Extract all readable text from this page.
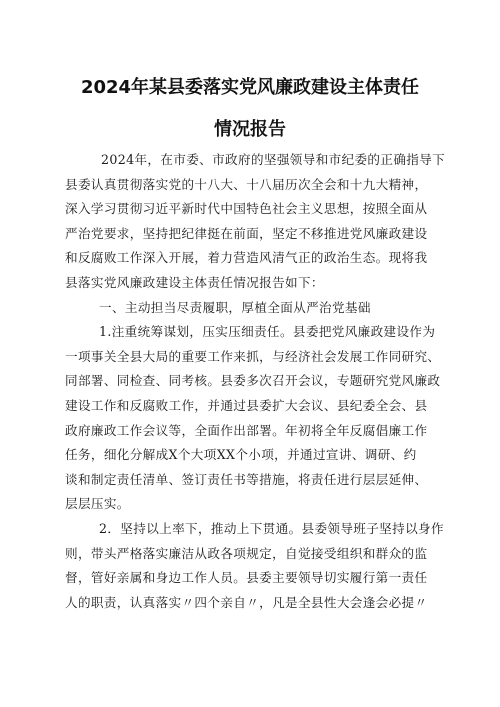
2024年某县委落实党风廉政建设主体责任
情况报告
2024年，在市委、市政府的坚强领导和市纪委的正确指导下
县委认真贯彻落实党的十八大、十八届历次全会和十九大精神，
深入学习贯彻习近平新时代中国特色社会主义思想，按照全面从
严治党要求，坚持把纪律挺在前面，坚定不移推进党风廉政建设
和反腐败工作深入开展，着力营造风清气正的政治生态。现将我
县落实党风廉政建设主体责任情况报告如下：
一、主动担当尽责履职，厚植全面从严治党基础
1.注重统筹谋划，压实压细责任。县委把党风廉政建设作为
一项事关全县大局的重要工作来抓，与经济社会发展工作同研究、
同部署、同检查、同考核。县委多次召开会议，专题研究党风廉政
建设工作和反腐败工作，并通过县委扩大会议、县纪委全会、县
政府廉政工作会议等，全面作出部署。年初将全年反腐倡廉工作
任务，细化分解成X个大项XX个小项，并通过宣讲、调研、约
谈和制定责任清单、签订责任书等措施，将责任进行层层延伸、
层层压实。
2．坚持以上率下，推动上下贯通。县委领导班子坚持以身作
则，带头严格落实廉洁从政各项规定，自觉接受组织和群众的监
督，管好亲属和身边工作人员。县委主要领导切实履行第一责任
人的职责，认真落实〃四个亲自〃，凡是全县性大会逢会必提〃
